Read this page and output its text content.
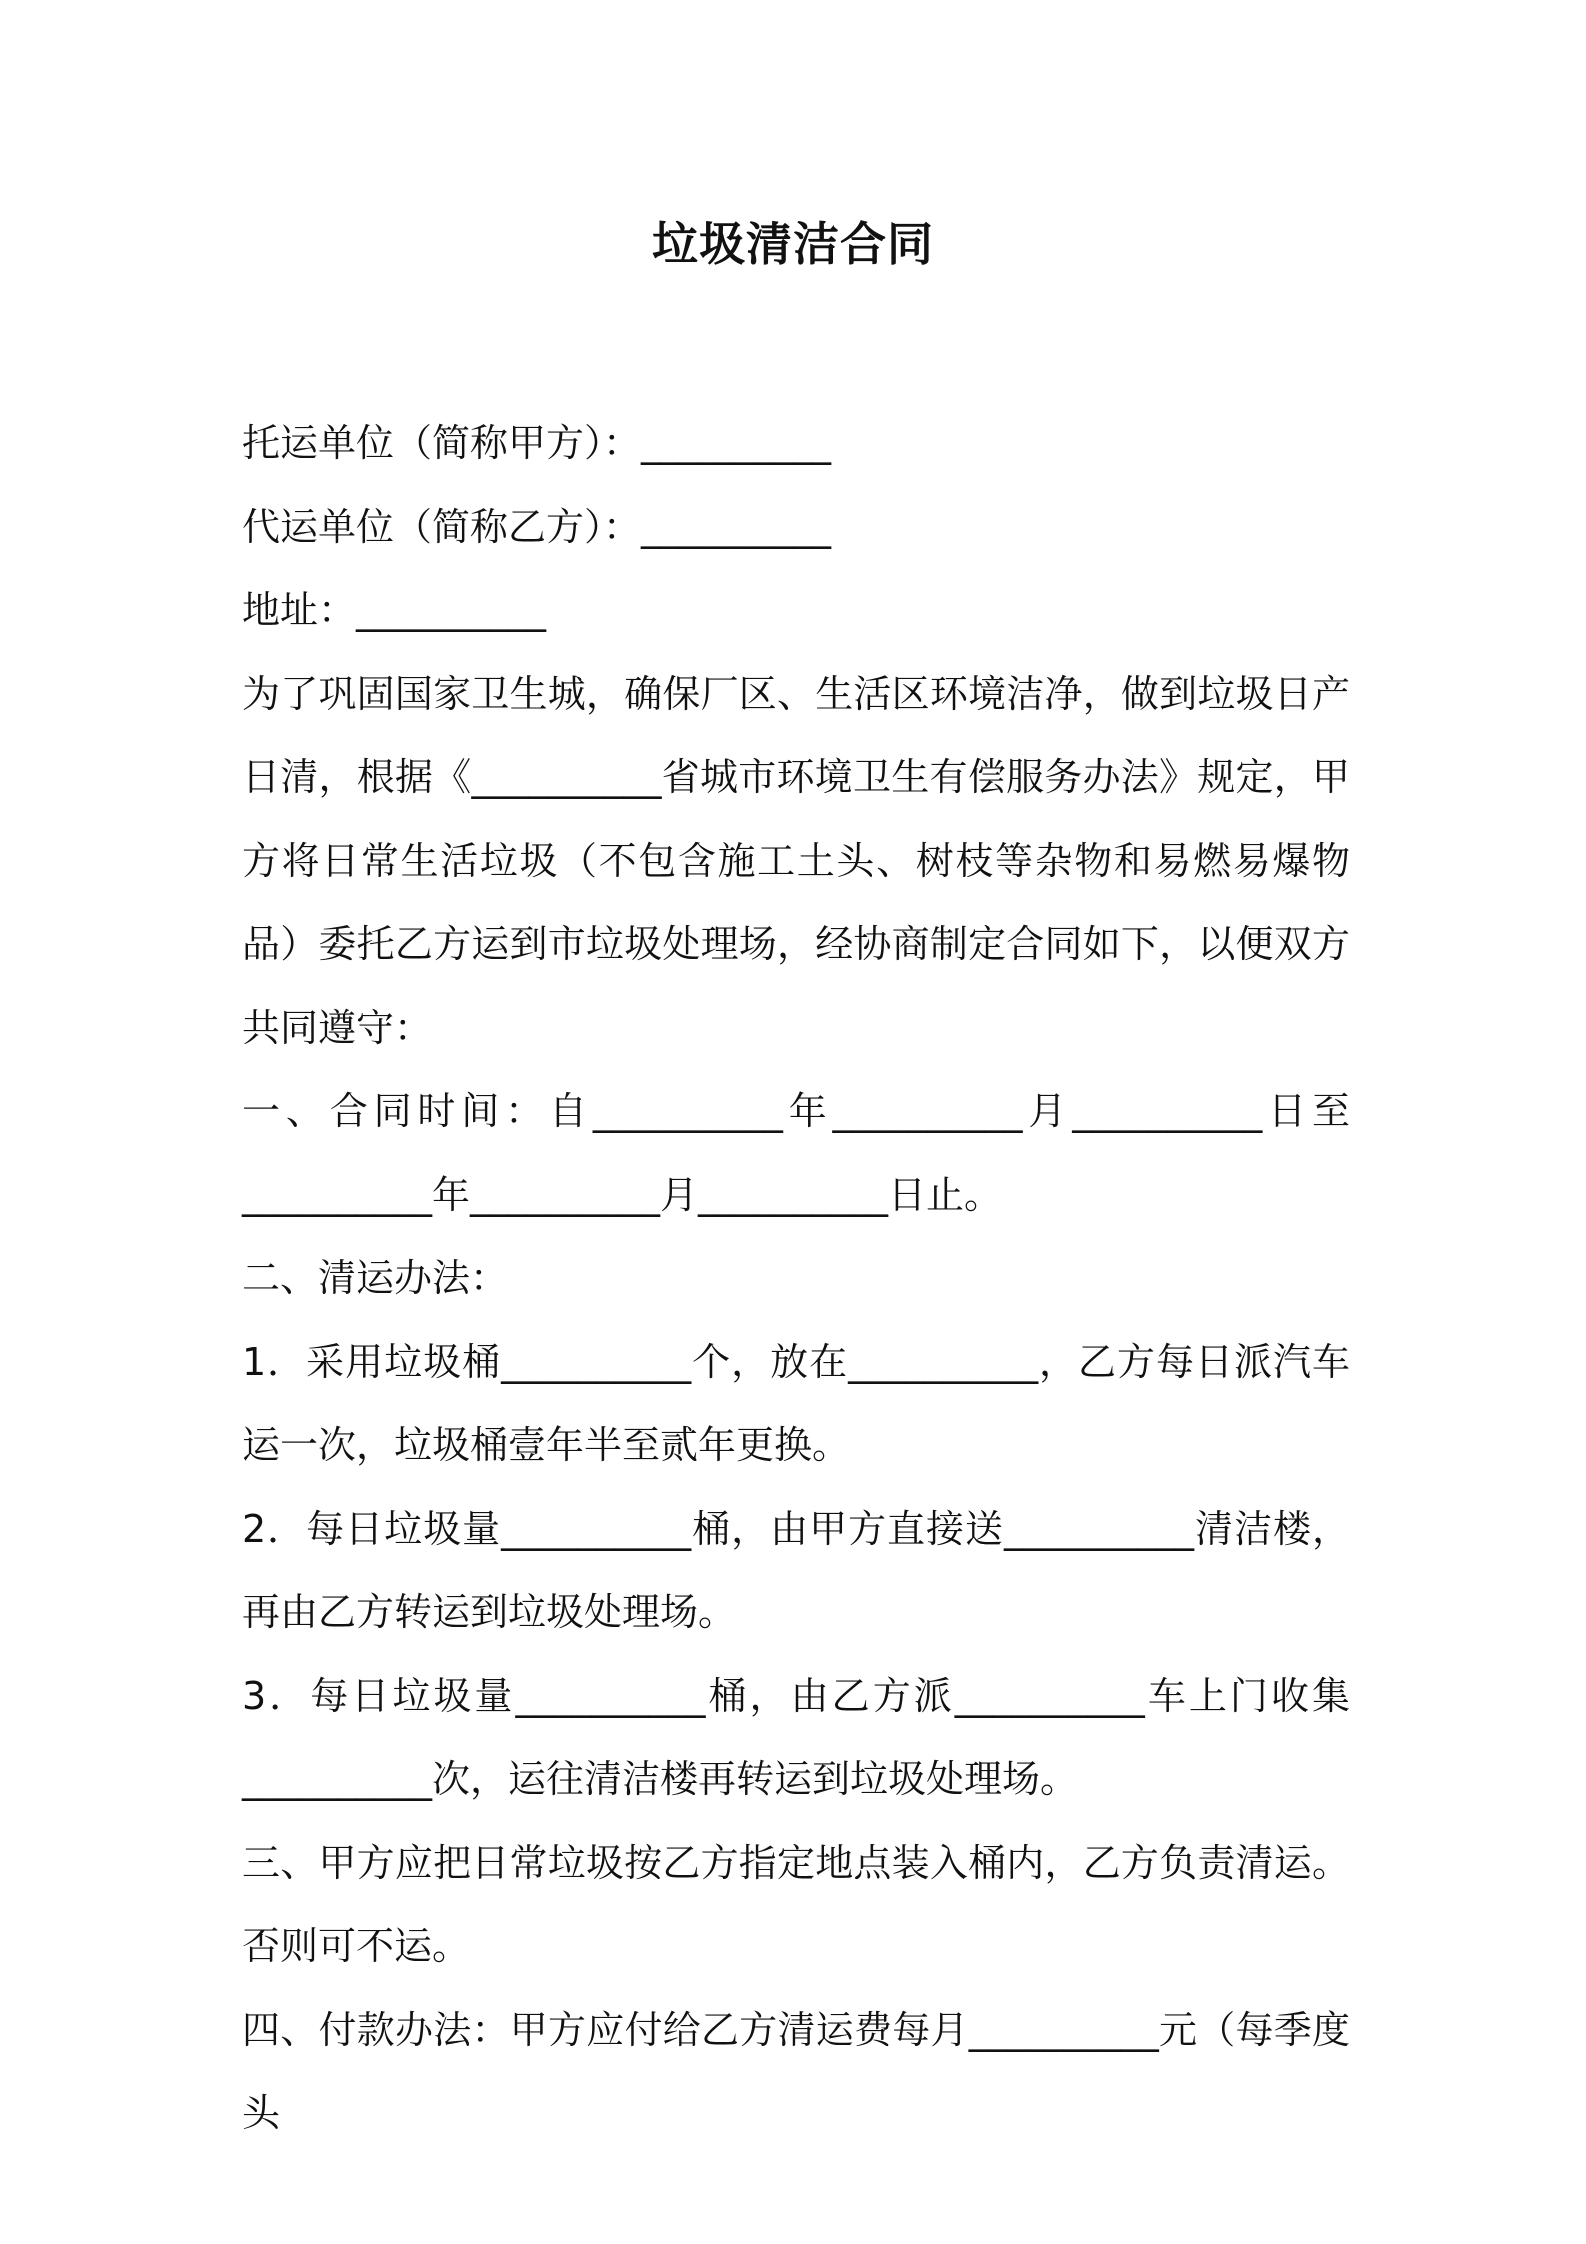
垃圾清洁合同

托运单位（简称甲方）：__________

代运单位（简称乙方）：__________

地址：__________

为了巩固国家卫生城，确保厂区、生活区环境洁净，做到垃圾日产日清，根据《__________省城市环境卫生有偿服务办法》规定，甲方将日常生活垃圾（不包含施工土头、树枝等杂物和易燃易爆物品）委托乙方运到市垃圾处理场，经协商制定合同如下，以便双方共同遵守：

一、合同时间：自__________年__________月__________日至__________年__________月__________日止。

二、清运办法：

1．采用垃圾桶__________个，放在__________，乙方每日派汽车运一次，垃圾桶壹年半至贰年更换。

2．每日垃圾量__________桶，由甲方直接送__________清洁楼，再由乙方转运到垃圾处理场。

3．每日垃圾量__________桶，由乙方派__________车上门收集__________次，运往清洁楼再转运到垃圾处理场。

三、甲方应把日常垃圾按乙方指定地点装入桶内，乙方负责清运。否则可不运。

四、付款办法：甲方应付给乙方清运费每月__________元（每季度头
